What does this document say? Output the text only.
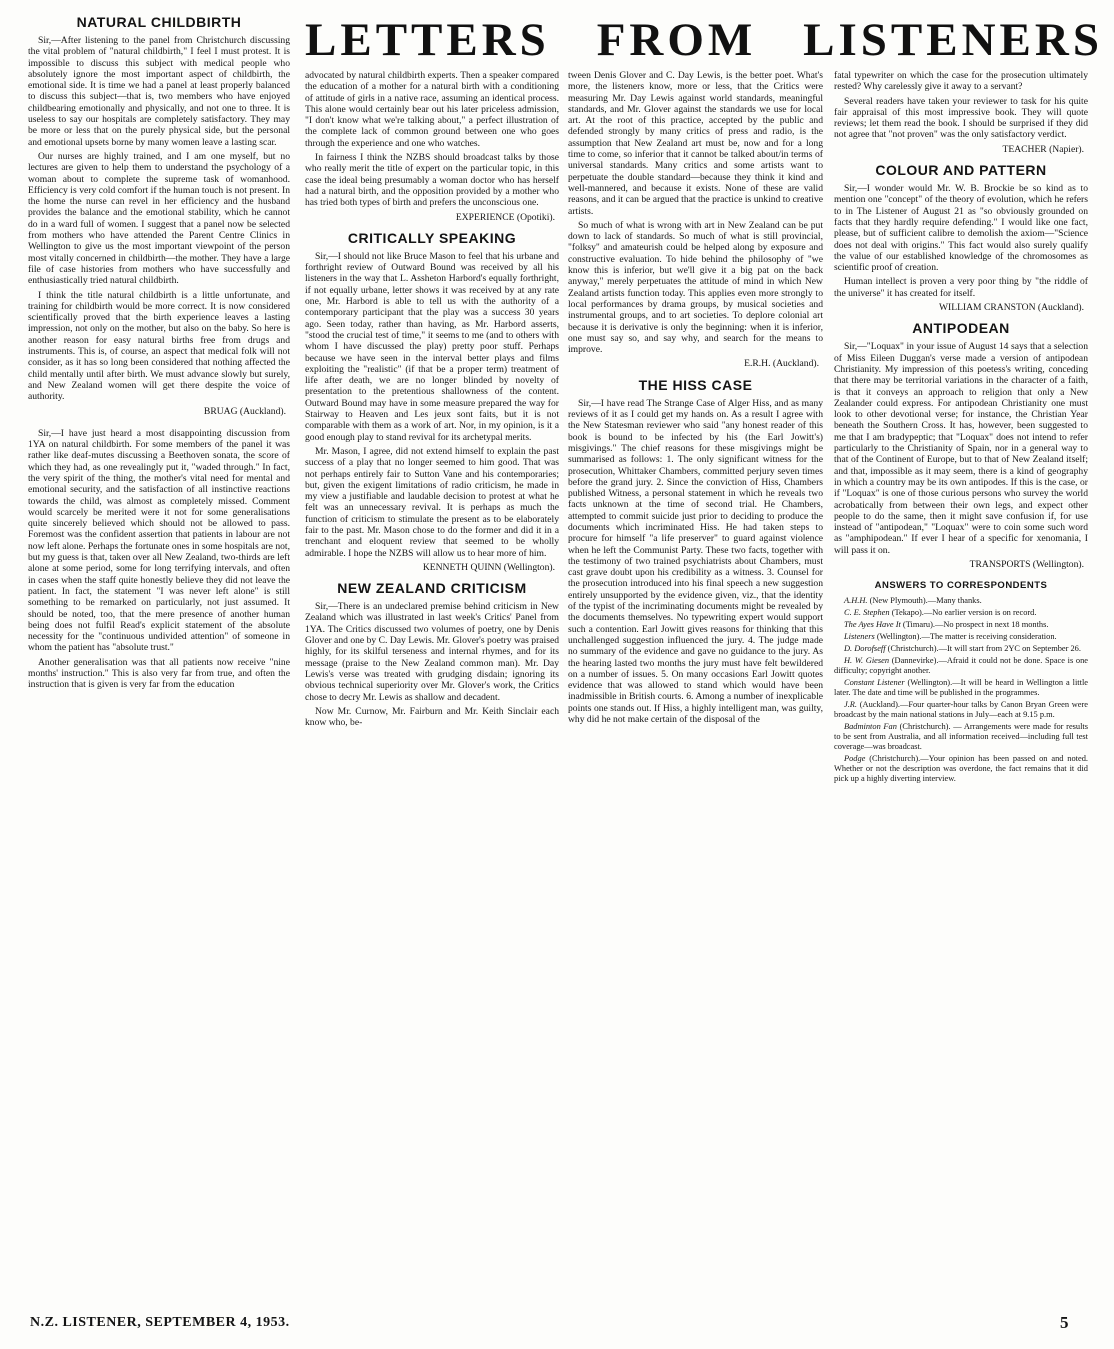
LETTERS FROM LISTENERS
NATURAL CHILDBIRTH

Sir,—After listening to the panel from Christchurch discussing the vital problem of "natural childbirth," I feel I must protest. It is impossible to discuss this subject with medical people who absolutely ignore the most important aspect of childbirth, the emotional side. It is time we had a panel at least properly balanced to discuss this subject—that is, two members who have enjoyed childbearing emotionally and physically, and not one to three. It is useless to say our hospitals are completely satisfactory. They may be more or less that on the purely physical side, but the personal and emotional upsets borne by many women leave a lasting scar.

Our nurses are highly trained, and I am one myself, but no lectures are given to help them to understand the psychology of a woman about to complete the supreme task of womanhood. Efficiency is very cold comfort if the human touch is not present. In the home the nurse can revel in her efficiency and the husband provides the balance and the emotional stability, which he cannot do in a ward full of women. I suggest that a panel now be selected from mothers who have attended the Parent Centre Clinics in Wellington to give us the most important viewpoint of the person most vitally concerned in childbirth—the mother. They have a large file of case histories from mothers who have successfully and enthusiastically tried natural childbirth.

I think the title natural childbirth is a little unfortunate, and training for childbirth would be more correct. It is now considered scientifically proved that the birth experience leaves a lasting impression, not only on the mother, but also on the baby. So here is another reason for easy natural births free from drugs and instruments. This is, of course, an aspect that medical folk will not consider, as it has so long been considered that nothing affected the child mentally until after birth. We must advance slowly but surely, and New Zealand women will get there despite the voice of authority.

BRUAG (Auckland).

Sir,—I have just heard a most disappointing discussion from 1YA on natural childbirth. For some members of the panel it was rather like deaf-mutes discussing a Beethoven sonata, the score of which they had, as one revealingly put it, "waded through." In fact, the very spirit of the thing, the mother's vital need for mental and emotional security, and the satisfaction of all instinctive reactions towards the child, was almost as completely missed. Comment would scarcely be merited were it not for some generalisations quite sincerely believed which should not be allowed to pass. Foremost was the confident assertion that patients in labour are not now left alone. Perhaps the fortunate ones in some hospitals are not, but my guess is that, taken over all New Zealand, two-thirds are left alone at some period, some for long terrifying intervals, and often in cases when the staff quite honestly believe they did not leave the patient. In fact, the statement "I was never left alone" is still something to be remarked on particularly, not just assumed. It should be noted, too, that the mere presence of another human being does not fulfil Read's explicit statement of the absolute necessity for the "continuous undivided attention" of someone in whom the patient has "absolute trust."

Another generalisation was that all patients now receive "nine months' instruction." This is also very far from true, and often the instruction that is given is very far from the education

advocated by natural childbirth experts. Then a speaker compared the education of a mother for a natural birth with a conditioning of attitude of girls in a native race, assuming an identical process. This alone would certainly bear out his later priceless admission, "I don't know what we're talking about," a perfect illustration of the complete lack of common ground between one who goes through the experience and one who watches.

In fairness I think the NZBS should broadcast talks by those who really merit the title of expert on the particular topic, in this case the ideal being presumably a woman doctor who has herself had a natural birth, and the opposition provided by a mother who has tried both types of birth and prefers the unconscious one.

EXPERIENCE (Opotiki).

CRITICALLY SPEAKING

Sir,—I should not like Bruce Mason to feel that his urbane and forthright review of Outward Bound was received by all his listeners in the way that L. Assheton Harbord's equally forthright, if not equally urbane, letter shows it was received by at any rate one, Mr. Harbord is able to tell us with the authority of a contemporary participant that the play was a success 30 years ago. Seen today, rather than having, as Mr. Harbord asserts, "stood the crucial test of time," it seems to me (and to others with whom I have discussed the play) pretty poor stuff. Perhaps because we have seen in the interval better plays and films exploiting the "realistic" (if that be a proper term) treatment of life after death, we are no longer blinded by novelty of presentation to the pretentious shallowness of the content. Outward Bound may have in some measure prepared the way for Stairway to Heaven and Les jeux sont faits, but it is not comparable with them as a work of art. Nor, in my opinion, is it a good enough play to stand revival for its archetypal merits.

Mr. Mason, I agree, did not extend himself to explain the past success of a play that no longer seemed to him good. That was not perhaps entirely fair to Sutton Vane and his contemporaries; but, given the exigent limitations of radio criticism, he made in my view a justifiable and laudable decision to protest at what he felt was an unnecessary revival. It is perhaps as much the function of criticism to stimulate the present as to be elaborately fair to the past. Mr. Mason chose to do the former and did it in a trenchant and eloquent review that seemed to be wholly admirable. I hope the NZBS will allow us to hear more of him.

KENNETH QUINN (Wellington).

NEW ZEALAND CRITICISM

Sir,—There is an undeclared premise behind criticism in New Zealand which was illustrated in last week's Critics' Panel from 1YA. The Critics discussed two volumes of poetry, one by Denis Glover and one by C. Day Lewis. Mr. Glover's poetry was praised highly, for its skilful terseness and internal rhymes, and for its message (praise to the New Zealand common man). Mr. Day Lewis's verse was treated with grudging disdain; ignoring its obvious technical superiority over Mr. Glover's work, the Critics chose to decry Mr. Lewis as shallow and decadent.

Now Mr. Curnow, Mr. Fairburn and Mr. Keith Sinclair each know who, be-

tween Denis Glover and C. Day Lewis, is the better poet. What's more, the listeners know, more or less, that the Critics were measuring Mr. Day Lewis against world standards, meaningful standards, and Mr. Glover against the standards we use for local art. At the root of this practice, accepted by the public and defended strongly by many critics of press and radio, is the assumption that New Zealand art must be, now and for a long time to come, so inferior that it cannot be talked about/in terms of universal standards. Many critics and some artists want to perpetuate the double standard—because they think it kind and well-mannered, and because it exists. None of these are valid reasons, and it can be argued that the practice is unkind to creative artists.

So much of what is wrong with art in New Zealand can be put down to lack of standards. So much of what is still provincial, "folksy" and amateurish could be helped along by exposure and constructive evaluation. To hide behind the philosophy of "we know this is inferior, but we'll give it a big pat on the back anyway," merely perpetuates the attitude of mind in which New Zealand artists function today. This applies even more strongly to local performances by drama groups, by musical societies and instrumental groups, and to art societies. To deplore colonial art because it is derivative is only the beginning: when it is inferior, one must say so, and say why, and search for the means to improve.

E.R.H. (Auckland).

THE HISS CASE

Sir,—I have read The Strange Case of Alger Hiss, and as many reviews of it as I could get my hands on. As a result I agree with the New Statesman reviewer who said "any honest reader of this book is bound to be infected by his (the Earl Jowitt's) misgivings." The chief reasons for these misgivings might be summarised as follows: 1. The only significant witness for the prosecution, Whittaker Chambers, committed perjury seven times before the grand jury. 2. Since the conviction of Hiss, Chambers published Witness, a personal statement in which he reveals two facts unknown at the time of second trial. He Chambers, attempted to commit suicide just prior to deciding to produce the documents which incriminated Hiss. He had taken steps to procure for himself "a life preserver" to guard against violence when he left the Communist Party. These two facts, together with the testimony of two trained psychiatrists about Chambers, must cast grave doubt upon his credibility as a witness. 3. Counsel for the prosecution introduced into his final speech a new suggestion entirely unsupported by the evidence given, viz., that the identity of the typist of the incriminating documents might be revealed by the documents themselves. No typewriting expert would support such a contention. Earl Jowitt gives reasons for thinking that this unchallenged suggestion influenced the jury. 4. The judge made no summary of the evidence and gave no guidance to the jury. As the hearing lasted two months the jury must have felt bewildered on a number of issues. 5. On many occasions Earl Jowitt quotes evidence that was allowed to stand which would have been inadmissible in British courts. 6. Among a number of inexplicable points one stands out. If Hiss, a highly intelligent man, was guilty, why did he not make certain of the disposal of the

fatal typewriter on which the case for the prosecution ultimately rested? Why carelessly give it away to a servant?

Several readers have taken your reviewer to task for his quite fair appraisal of this most impressive book. They will quote reviews; let them read the book. I should be surprised if they did not agree that "not proven" was the only satisfactory verdict.

TEACHER (Napier).

COLOUR AND PATTERN

Sir,—I wonder would Mr. W. B. Brockie be so kind as to mention one "concept" of the theory of evolution, which he refers to in The Listener of August 21 as "so obviously grounded on facts that they hardly require defending." I would like one fact, please, but of sufficient calibre to demolish the axiom—"Science does not deal with origins." This fact would also surely qualify the value of our established knowledge of the chromosomes as scientific proof of creation.

Human intellect is proven a very poor thing by "the riddle of the universe" it has created for itself.

WILLIAM CRANSTON (Auckland).

ANTIPODEAN

Sir,—"Loquax" in your issue of August 14 says that a selection of Miss Eileen Duggan's verse made a version of antipodean Christianity. My impression of this poetess's writing, conceding that there may be territorial variations in the character of a faith, is that it conveys an approach to religion that only a New Zealander could express. For antipodean Christianity one must look to other devotional verse; for instance, the Christian Year beneath the Southern Cross. It has, however, been suggested to me that I am bradypeptic; that "Loquax" does not intend to refer particularly to the Christianity of Spain, nor in a general way to that of the Continent of Europe, but to that of New Zealand itself; and that, impossible as it may seem, there is a kind of geography in which a country may be its own antipodes. If this is the case, or if "Loquax" is one of those curious persons who survey the world acrobatically from between their own legs, and expect other people to do the same, then it might save confusion if, for use instead of "antipodean," "Loquax" were to coin some such word as "amphipodean." If ever I hear of a specific for xenomania, I will pass it on.

TRANSPORTS (Wellington).

ANSWERS TO CORRESPONDENTS
A.H.H. (New Plymouth).—Many thanks.
C. E. Stephen (Tekapo).—No earlier version is on record.
The Ayes Have It (Timaru).—No prospect in next 18 months.
Listeners (Wellington).—The matter is receiving consideration.
D. Dorofseff (Christchurch).—It will start from 2YC on September 26.
H. W. Giesen (Dannevirke).—Afraid it could not be done. Space is one difficulty; copyright another.
Constant Listener (Wellington).—It will be heard in Wellington a little later. The date and time will be published in the programmes.
J.R. (Auckland).—Four quarter-hour talks by Canon Bryan Green were broadcast by the main national stations in July—each at 9.15 p.m.
Badminton Fan (Christchurch). — Arrangements were made for results to be sent from Australia, and all information received—including full test coverage—was broadcast.
Podge (Christchurch).—Your opinion has been passed on and noted. Whether or not the description was overdone, the fact remains that it did pick up a highly diverting interview.
N.Z. LISTENER, SEPTEMBER 4, 1953.	5
